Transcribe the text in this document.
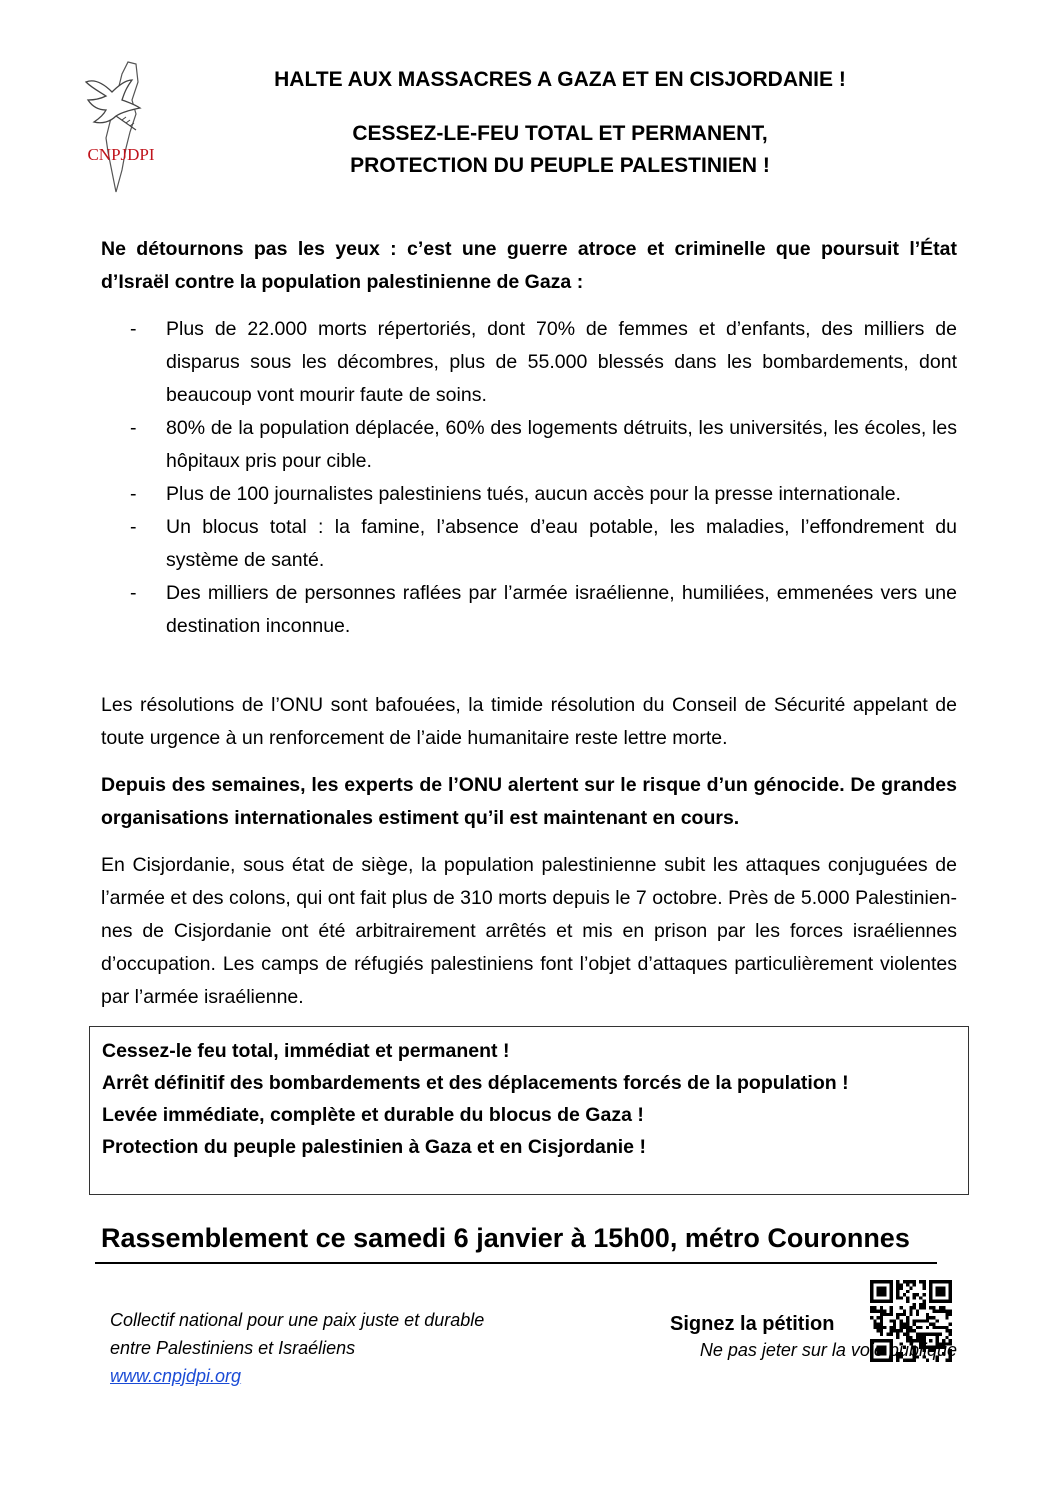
CNPJDPI
HALTE AUX MASSACRES A GAZA ET EN CISJORDANIE !
CESSEZ-LE-FEU TOTAL ET PERMANENT,
PROTECTION DU PEUPLE PALESTINIEN !
Ne détournons pas les yeux : c’est une guerre atroce et criminelle que poursuit l’État d’Israël contre la population palestinienne de Gaza :
- Plus de 22.000 morts répertoriés, dont 70% de femmes et d’enfants, des milliers de disparus sous les décombres, plus de 55.000 blessés dans les bombardements, dont beaucoup vont mourir faute de soins.
- 80% de la population déplacée, 60% des logements détruits, les universités, les écoles, les hôpitaux pris pour cible.
- Plus de 100 journalistes palestiniens tués, aucun accès pour la presse internationale.
- Un blocus total : la famine, l’absence d’eau potable, les maladies, l’effondrement du système de santé.
- Des milliers de personnes raflées par l’armée israélienne, humiliées, emmenées vers une destination inconnue.
Les résolutions de l’ONU sont bafouées, la timide résolution du Conseil de Sécurité appelant de toute urgence à un renforcement de l’aide humanitaire reste lettre morte.
Depuis des semaines, les experts de l’ONU alertent sur le risque d’un génocide. De grandes organisations internationales estiment qu’il est maintenant en cours.
En Cisjordanie, sous état de siège, la population palestinienne subit les attaques conjuguées de l’armée et des colons, qui ont fait plus de 310 morts depuis le 7 octobre. Près de 5.000 Palestinien-nes de Cisjordanie ont été arbitrairement arrêtés et mis en prison par les forces israéliennes d’occupation. Les camps de réfugiés palestiniens font l’objet d’attaques particulièrement violentes par l’armée israélienne.
Cessez-le feu total, immédiat et permanent !
Arrêt définitif des bombardements et des déplacements forcés de la population !
Levée immédiate, complète et durable du blocus de Gaza !
Protection du peuple palestinien à Gaza et en Cisjordanie !
Rassemblement ce samedi 6 janvier à 15h00, métro Couronnes
Collectif national pour une paix juste et durable
entre Palestiniens et Israéliens
www.cnpjdpi.org
Signez la pétition
Ne pas jeter sur la voie publique
